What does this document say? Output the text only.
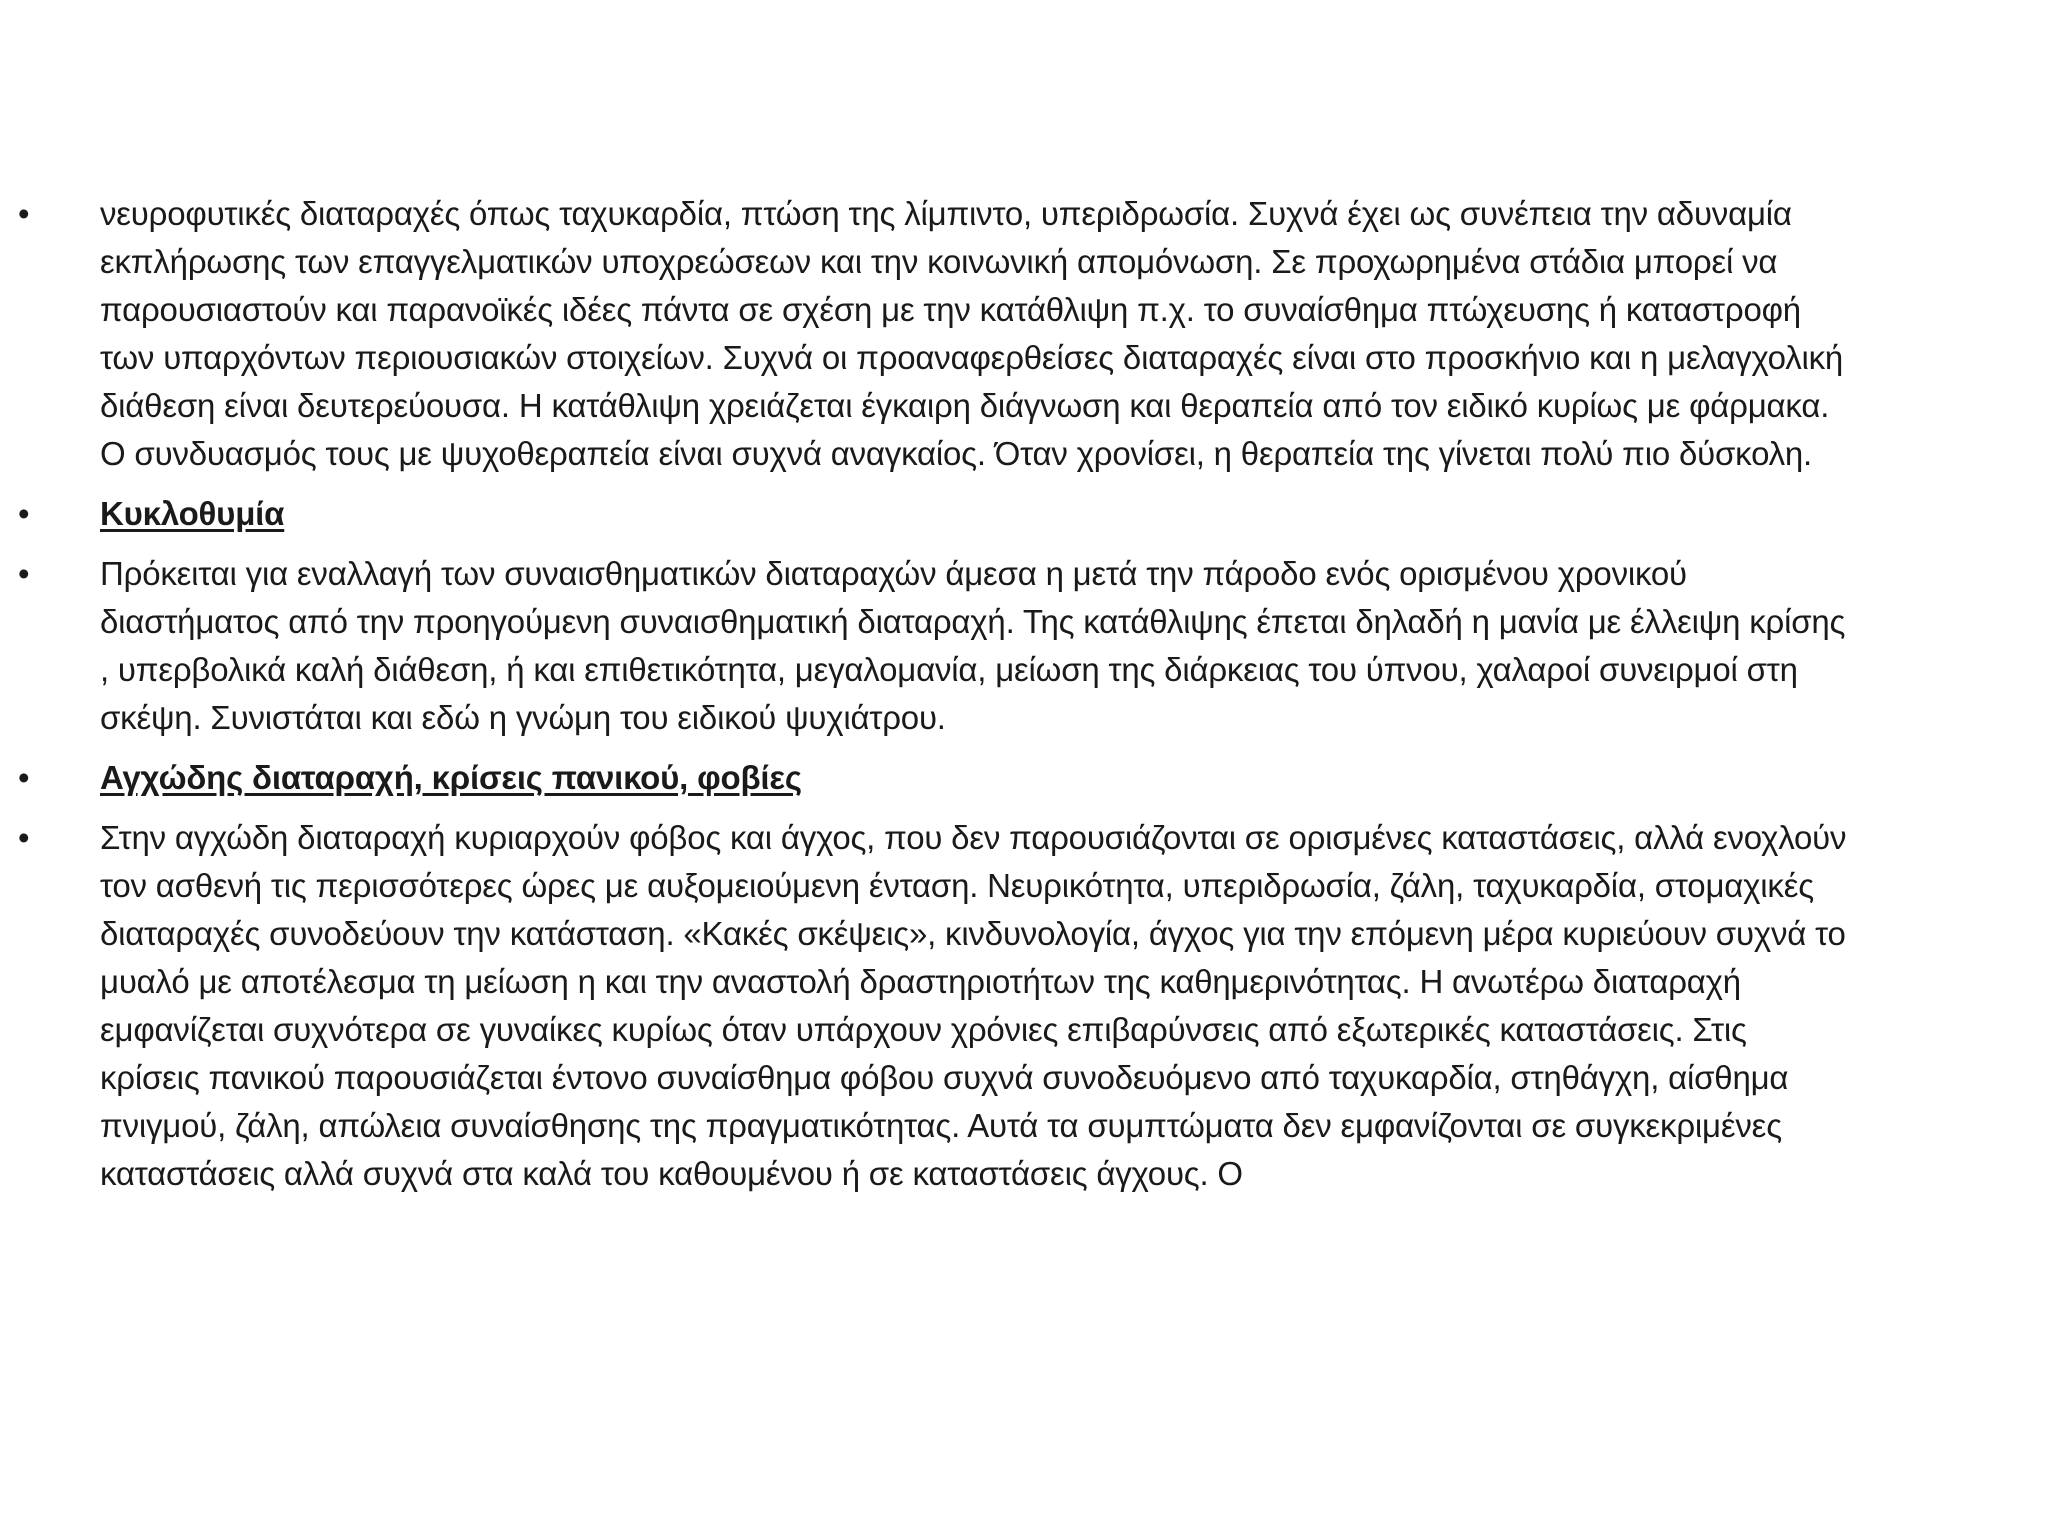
• νευροφυτικές διαταραχές όπως ταχυκαρδία, πτώση της λίμπιντο, υπεριδρωσία. Συχνά έχει ως συνέπεια την αδυναμία εκπλήρωσης των επαγγελματικών υποχρεώσεων και την κοινωνική απομόνωση. Σε προχωρημένα στάδια μπορεί να παρουσιαστούν και παρανοϊκές ιδέες πάντα σε σχέση με την κατάθλιψη π.χ. το συναίσθημα πτώχευσης ή καταστροφή των υπαρχόντων περιουσιακών στοιχείων. Συχνά οι προαναφερθείσες διαταραχές είναι στο προσκήνιο και η μελαγχολική διάθεση είναι δευτερεύουσα. Η κατάθλιψη χρειάζεται έγκαιρη διάγνωση και θεραπεία από τον ειδικό κυρίως με φάρμακα. Ο συνδυασμός τους με ψυχοθεραπεία είναι συχνά αναγκαίος. Όταν χρονίσει, η θεραπεία της γίνεται πολύ πιο δύσκολη.
• Κυκλοθυμία
• Πρόκειται για εναλλαγή των συναισθηματικών διαταραχών άμεσα η μετά την πάροδο ενός ορισμένου χρονικού διαστήματος από την προηγούμενη συναισθηματική διαταραχή. Της κατάθλιψης έπεται δηλαδή η μανία με έλλειψη κρίσης , υπερβολικά καλή διάθεση, ή και επιθετικότητα, μεγαλομανία, μείωση της διάρκειας του ύπνου, χαλαροί συνειρμοί στη σκέψη. Συνιστάται και εδώ η γνώμη του ειδικού ψυχιάτρου.
• Αγχώδης διαταραχή, κρίσεις πανικού, φοβίες
• Στην αγχώδη διαταραχή κυριαρχούν φόβος και άγχος, που δεν παρουσιάζονται σε ορισμένες καταστάσεις, αλλά ενοχλούν τον ασθενή τις περισσότερες ώρες με αυξομειούμενη ένταση. Νευρικότητα, υπεριδρωσία, ζάλη, ταχυκαρδία, στομαχικές διαταραχές συνοδεύουν την κατάσταση. «Κακές σκέψεις», κινδυνολογία, άγχος για την επόμενη μέρα κυριεύουν συχνά το μυαλό με αποτέλεσμα τη μείωση η και την αναστολή δραστηριοτήτων της καθημερινότητας. Η ανωτέρω διαταραχή εμφανίζεται συχνότερα σε γυναίκες κυρίως όταν υπάρχουν χρόνιες επιβαρύνσεις από εξωτερικές καταστάσεις. Στις κρίσεις πανικού παρουσιάζεται έντονο συναίσθημα φόβου συχνά συνοδευόμενο από ταχυκαρδία, στηθάγχη, αίσθημα πνιγμού, ζάλη, απώλεια συναίσθησης της πραγματικότητας. Αυτά τα συμπτώματα δεν εμφανίζονται σε συγκεκριμένες καταστάσεις αλλά συχνά στα καλά του καθουμένου ή σε καταστάσεις άγχους. Ο
